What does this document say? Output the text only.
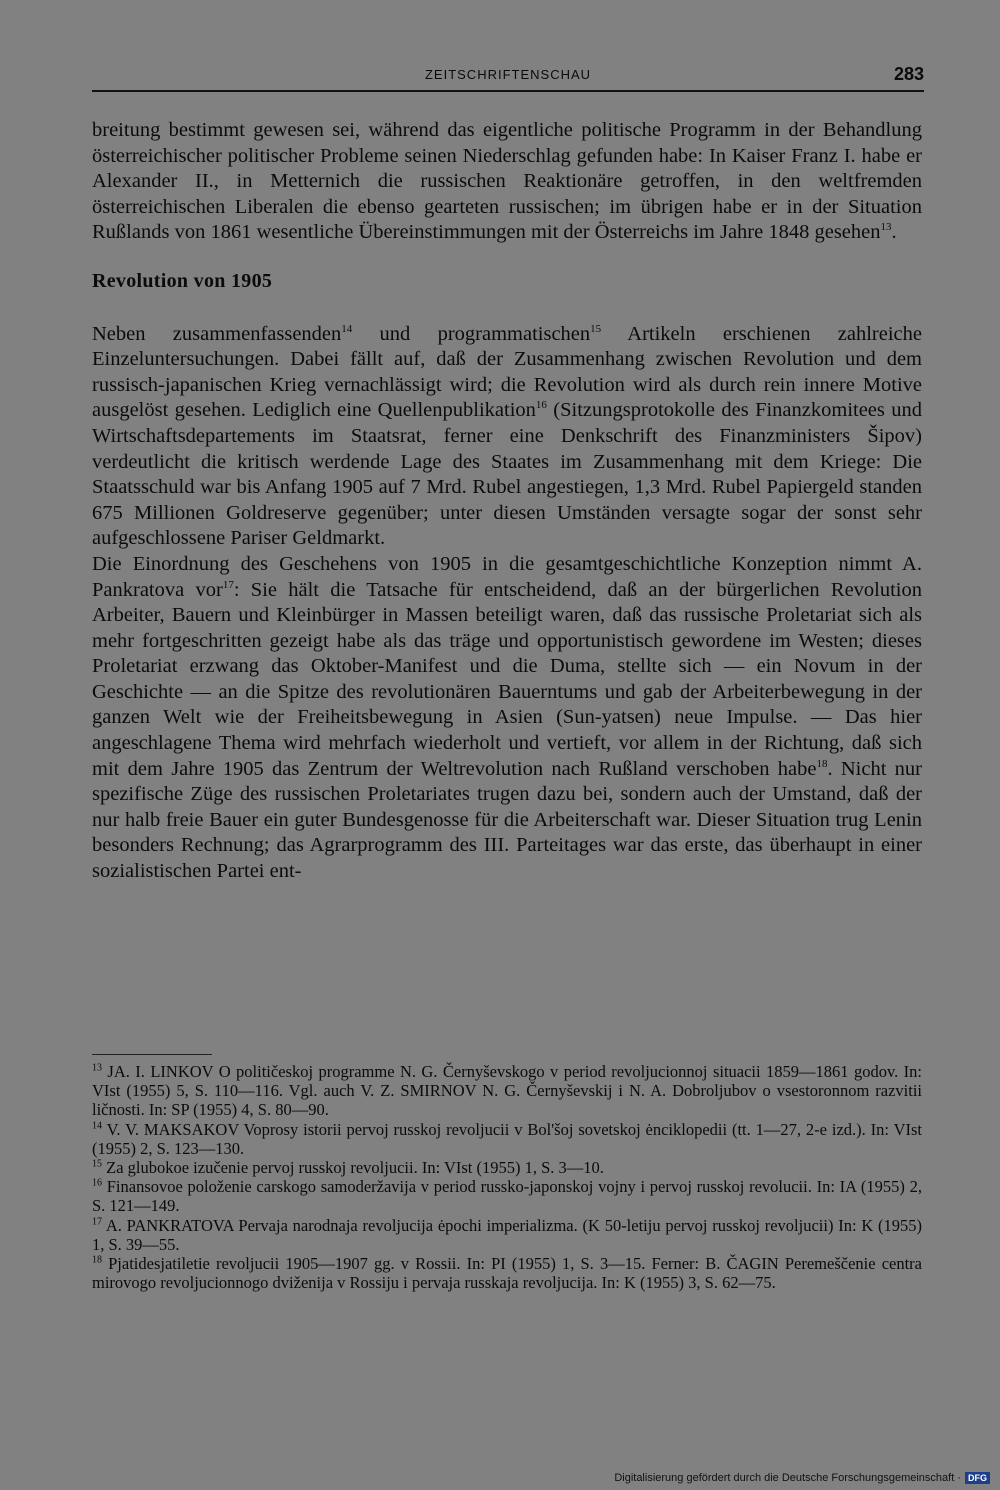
ZEITSCHRIFTENSCHAU	283

breitung bestimmt gewesen sei, während das eigentliche politische Programm in der Behandlung österreichischer politischer Probleme seinen Niederschlag gefunden habe: In Kaiser Franz I. habe er Alexander II., in Metternich die russischen Reaktionäre getroffen, in den weltfremden österreichischen Liberalen die ebenso gearteten russischen; im übrigen habe er in der Situation Rußlands von 1861 wesentliche Übereinstimmungen mit der Österreichs im Jahre 1848 gesehen$^{13}$.

Revolution von 1905

Neben zusammenfassenden$^{14}$ und programmatischen$^{15}$ Artikeln erschienen zahlreiche Einzeluntersuchungen. Dabei fällt auf, daß der Zusammenhang zwischen Revolution und dem russisch-japanischen Krieg vernachlässigt wird; die Revolution wird als durch rein innere Motive ausgelöst gesehen. Lediglich eine Quellenpublikation$^{16}$ (Sitzungsprotokolle des Finanzkomitees und Wirtschaftsdepartements im Staatsrat, ferner eine Denkschrift des Finanzministers Šipov) verdeutlicht die kritisch werdende Lage des Staates im Zusammenhang mit dem Kriege: Die Staatsschuld war bis Anfang 1905 auf 7 Mrd. Rubel angestiegen, 1,3 Mrd. Rubel Papiergeld standen 675 Millionen Goldreserve gegenüber; unter diesen Umständen versagte sogar der sonst sehr aufgeschlossene Pariser Geldmarkt.

Die Einordnung des Geschehens von 1905 in die gesamtgeschichtliche Konzeption nimmt A. Pankratova vor$^{17}$: Sie hält die Tatsache für entscheidend, daß an der bürgerlichen Revolution Arbeiter, Bauern und Kleinbürger in Massen beteiligt waren, daß das russische Proletariat sich als mehr fortgeschritten gezeigt habe als das träge und opportunistisch gewordene im Westen; dieses Proletariat erzwang das Oktober-Manifest und die Duma, stellte sich — ein Novum in der Geschichte — an die Spitze des revolutionären Bauerntums und gab der Arbeiterbewegung in der ganzen Welt wie der Freiheitsbewegung in Asien (Sun-yatsen) neue Impulse. — Das hier angeschlagene Thema wird mehrfach wiederholt und vertieft, vor allem in der Richtung, daß sich mit dem Jahre 1905 das Zentrum der Weltrevolution nach Rußland verschoben habe$^{18}$. Nicht nur spezifische Züge des russischen Proletariates trugen dazu bei, sondern auch der Umstand, daß der nur halb freie Bauer ein guter Bundesgenosse für die Arbeiterschaft war. Dieser Situation trug Lenin besonders Rechnung; das Agrarprogramm des III. Parteitages war das erste, das überhaupt in einer sozialistischen Partei ent-

$^{13}$ JA. I. LINKOV O političeskoj programme N. G. Černyševskogo v period revoljucionnoj situacii 1859—1861 godov. In: VIst (1955) 5, S. 110—116. Vgl. auch V. Z. SMIRNOV N. G. Černyševskij i N. A. Dobroljubov o vsestoronnom razvitii ličnosti. In: SP (1955) 4, S. 80—90.

$^{14}$ V. V. MAKSAKOV Voprosy istorii pervoj russkoj revoljucii v Bol'šoj sovetskoj ėnciklopedii (tt. 1—27, 2-e izd.). In: VIst (1955) 2, S. 123—130.

$^{15}$ Za glubokoe izučenie pervoj russkoj revoljucii. In: VIst (1955) 1, S. 3—10.

$^{16}$ Finansovoe položenie carskogo samoderžavija v period russko-japonskoj vojny i pervoj russkoj revolucii. In: IA (1955) 2, S. 121—149.

$^{17}$ A. PANKRATOVA Pervaja narodnaja revoljucija ėpochi imperializma. (K 50-letiju pervoj russkoj revoljucii) In: K (1955) 1, S. 39—55.

$^{18}$ Pjatidesjatiletie revoljucii 1905—1907 gg. v Rossii. In: PI (1955) 1, S. 3—15. Ferner: B. ČAGIN Peremeščenie centra mirovogo revoljucionnogo dviženija v Rossiju i pervaja russkaja revoljucija. In: K (1955) 3, S. 62—75.

Digitalisierung gefördert durch die Deutsche Forschungsgemeinschaft · DFG
